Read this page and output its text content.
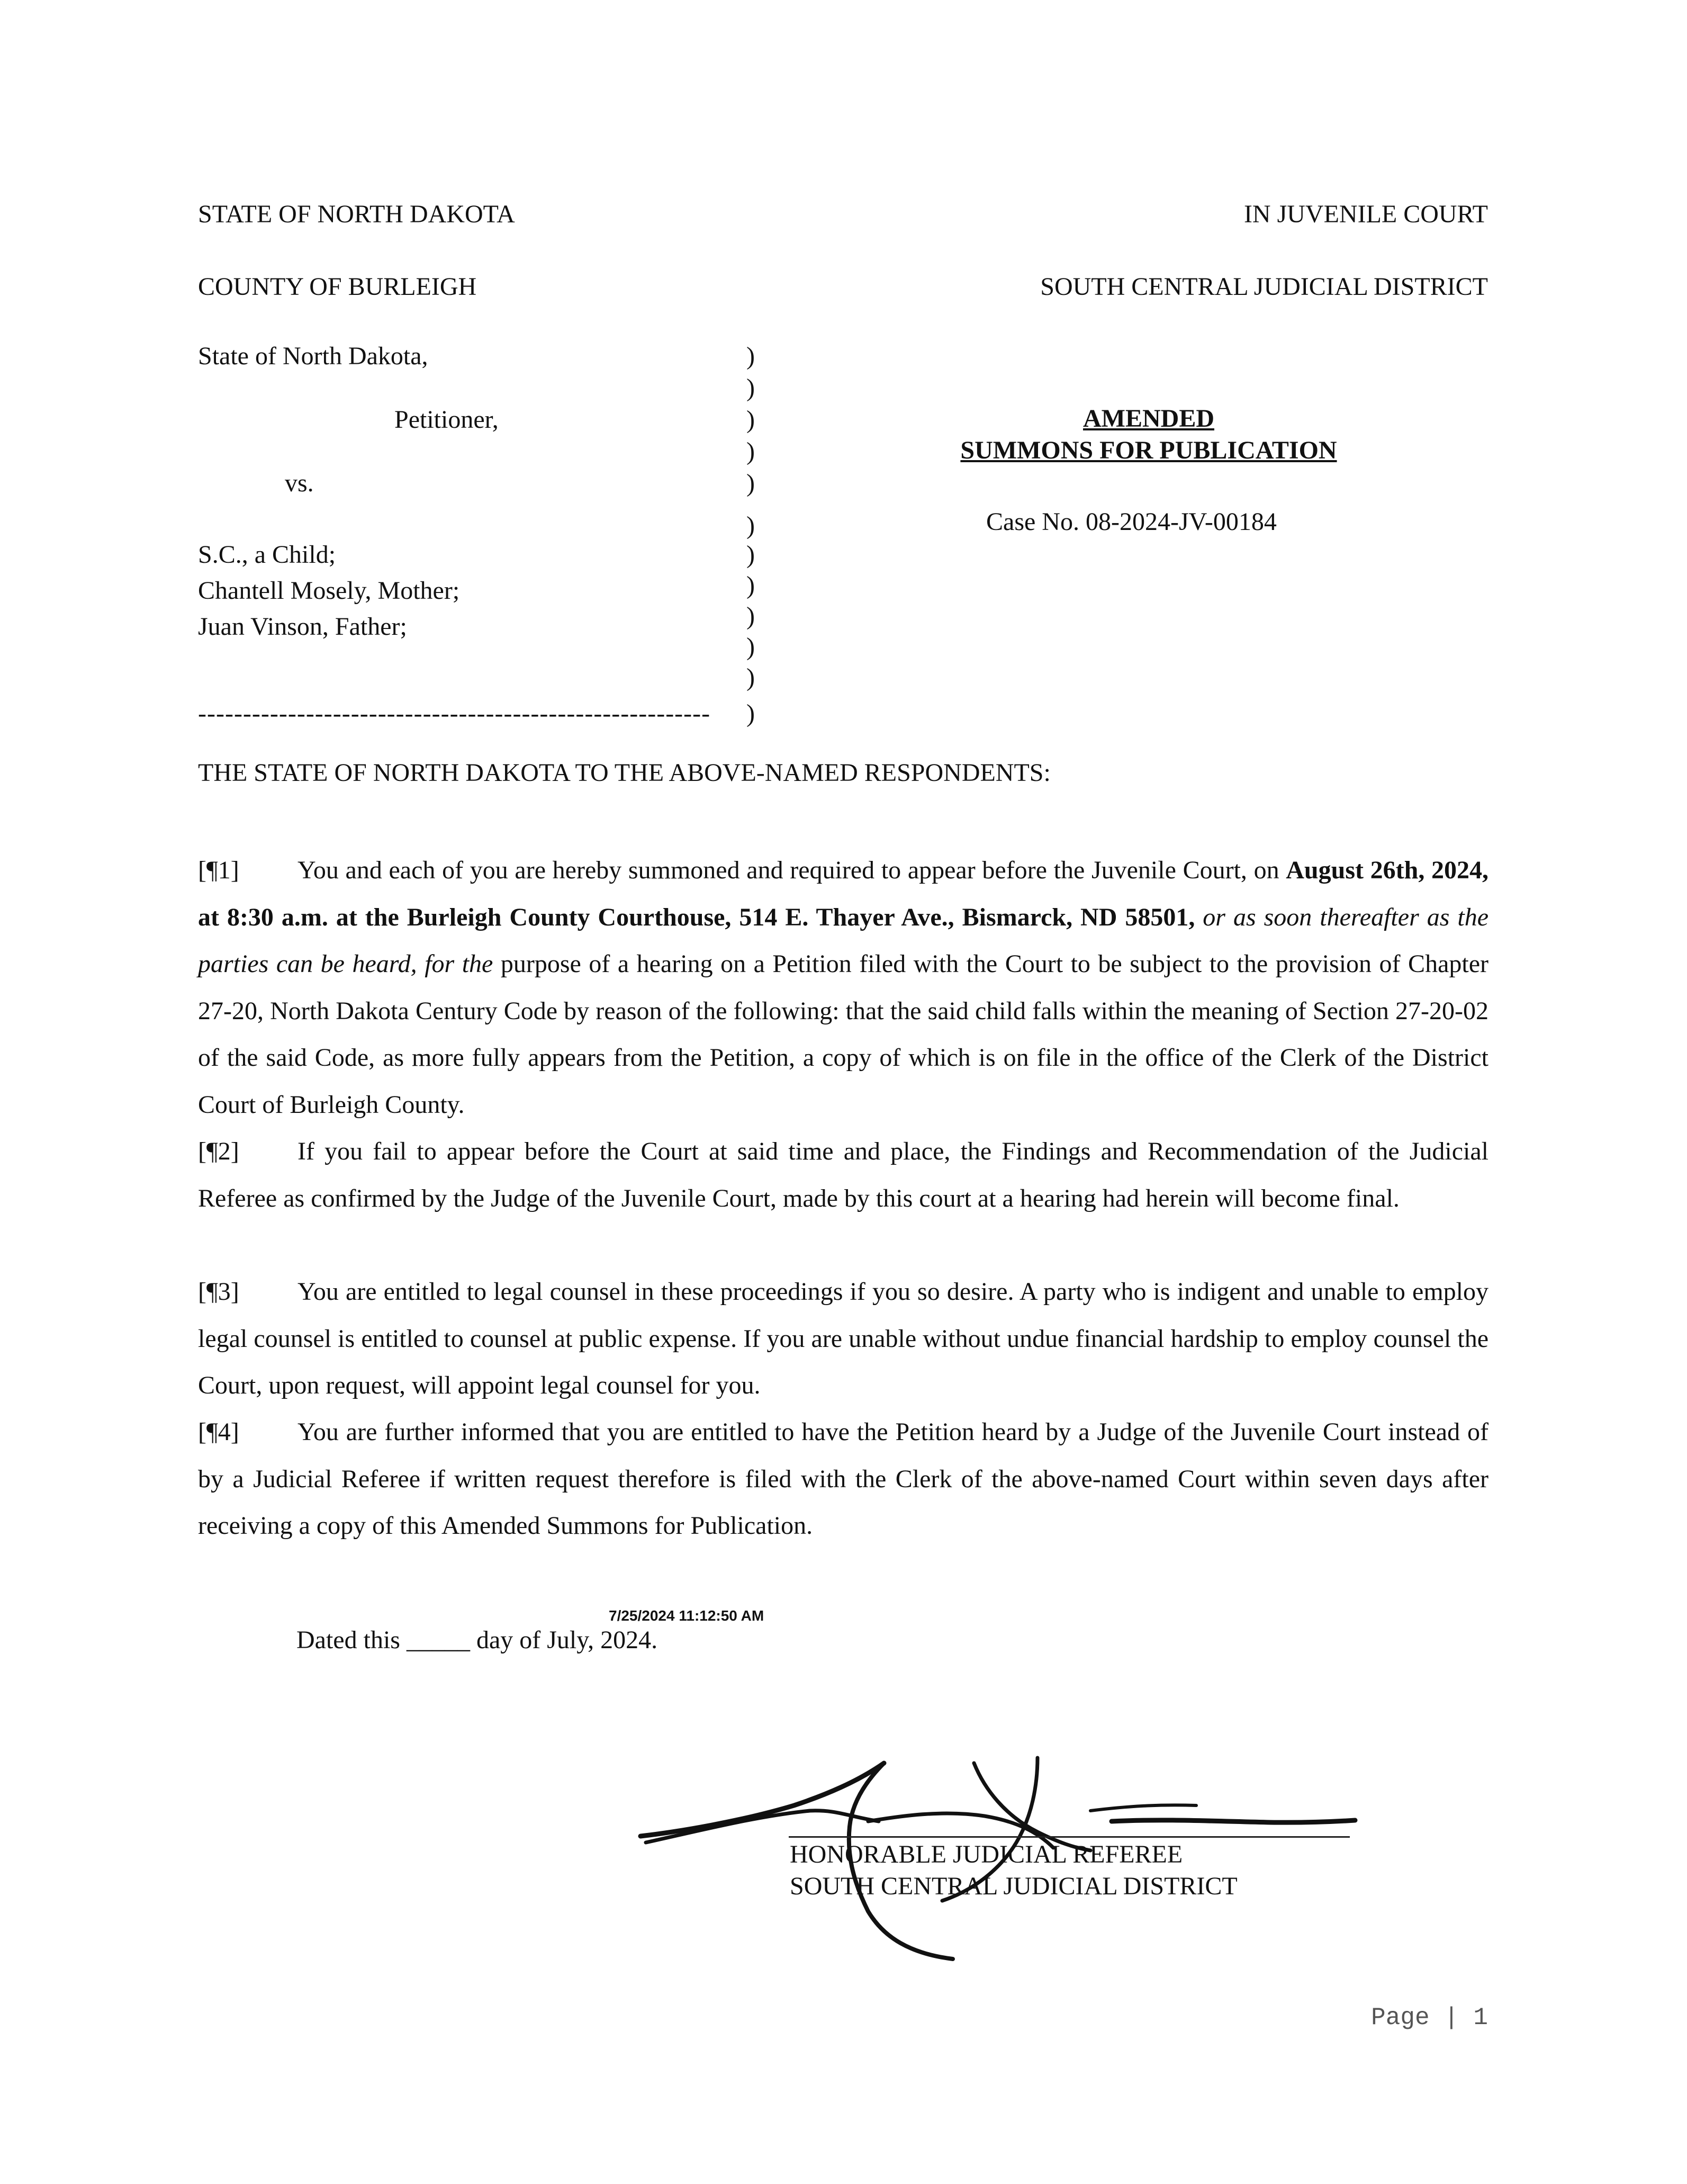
STATE OF NORTH DAKOTA	IN JUVENILE COURT
COUNTY OF BURLEIGH	SOUTH CENTRAL JUDICIAL DISTRICT
State of North Dakota,
Petitioner,
vs.
S.C., a Child;
Chantell Mosely, Mother;
Juan Vinson, Father;
---------------------------------------------------------
)
)
)
)
)
)
)
)
)
)
)
)
AMENDED
SUMMONS FOR PUBLICATION
Case No. 08-2024-JV-00184
THE STATE OF NORTH DAKOTA TO THE ABOVE-NAMED RESPONDENTS:
[¶1] You and each of you are hereby summoned and required to appear before the Juvenile Court, on August 26th, 2024, at 8:30 a.m. at the Burleigh County Courthouse, 514 E. Thayer Ave., Bismarck, ND 58501, or as soon thereafter as the parties can be heard, for the purpose of a hearing on a Petition filed with the Court to be subject to the provision of Chapter 27-20, North Dakota Century Code by reason of the following: that the said child falls within the meaning of Section 27-20-02 of the said Code, as more fully appears from the Petition, a copy of which is on file in the office of the Clerk of the District Court of Burleigh County.
[¶2] If you fail to appear before the Court at said time and place, the Findings and Recommendation of the Judicial Referee as confirmed by the Judge of the Juvenile Court, made by this court at a hearing had herein will become final.
[¶3] You are entitled to legal counsel in these proceedings if you so desire. A party who is indigent and unable to employ legal counsel is entitled to counsel at public expense. If you are unable without undue financial hardship to employ counsel the Court, upon request, will appoint legal counsel for you.
[¶4] You are further informed that you are entitled to have the Petition heard by a Judge of the Juvenile Court instead of by a Judicial Referee if written request therefore is filed with the Clerk of the above-named Court within seven days after receiving a copy of this Amended Summons for Publication.
7/25/2024 11:12:50 AM
Dated this _____ day of July, 2024.
HONORABLE JUDICIAL REFEREE
SOUTH CENTRAL JUDICIAL DISTRICT
Page | 1
